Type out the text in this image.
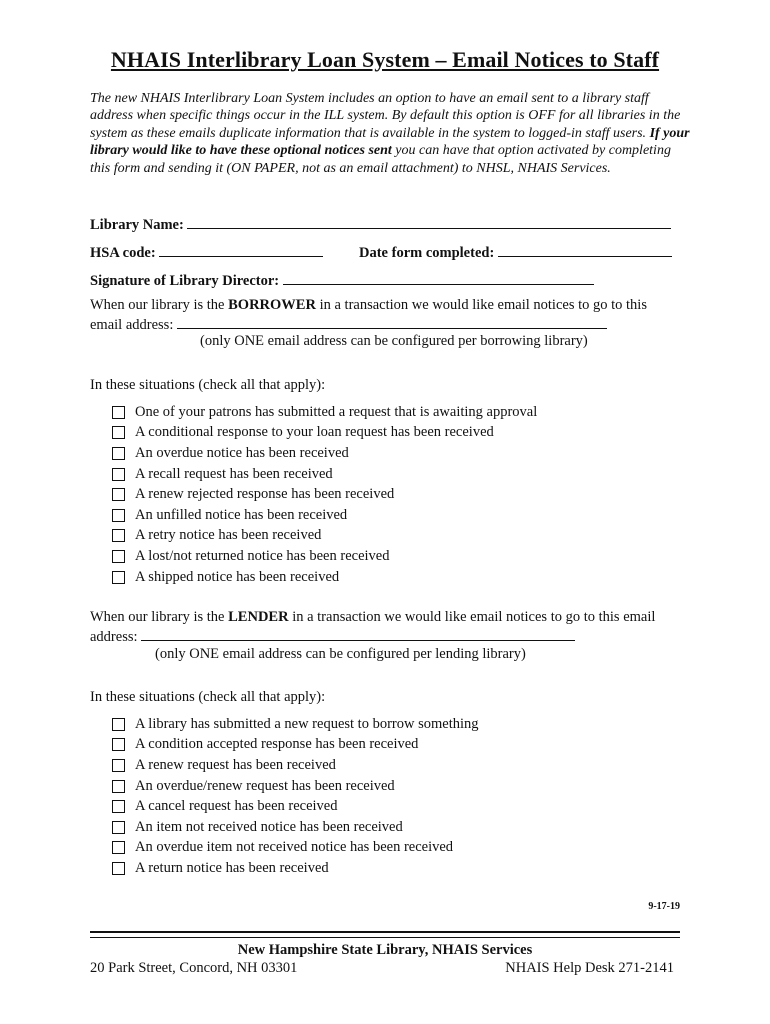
NHAIS Interlibrary Loan System – Email Notices to Staff
The new NHAIS Interlibrary Loan System includes an option to have an email sent to a library staff address when specific things occur in the ILL system. By default this option is OFF for all libraries in the system as these emails duplicate information that is available in the system to logged-in staff users. If your library would like to have these optional notices sent you can have that option activated by completing this form and sending it (ON PAPER, not as an email attachment) to NHSL, NHAIS Services.
Library Name:
HSA code:	Date form completed:
Signature of Library Director:
When our library is the BORROWER in a transaction we would like email notices to go to this
email address:
(only ONE email address can be configured per borrowing library)
In these situations (check all that apply):
One of your patrons has submitted a request that is awaiting approval
A conditional response to your loan request has been received
An overdue notice has been received
A recall request has been received
A renew rejected response has been received
An unfilled notice has been received
A retry notice has been received
A lost/not returned notice has been received
A shipped notice has been received
When our library is the LENDER in a transaction we would like email notices to go to this email
address:
(only ONE email address can be configured per lending library)
In these situations (check all that apply):
A library has submitted a new request to borrow something
A condition accepted response has been received
A renew request has been received
An overdue/renew request has been received
A cancel request has been received
An item not received notice has been received
An overdue item not received notice has been received
A return notice has been received
9-17-19
New Hampshire State Library, NHAIS Services
20 Park Street, Concord, NH 03301	NHAIS Help Desk 271-2141
